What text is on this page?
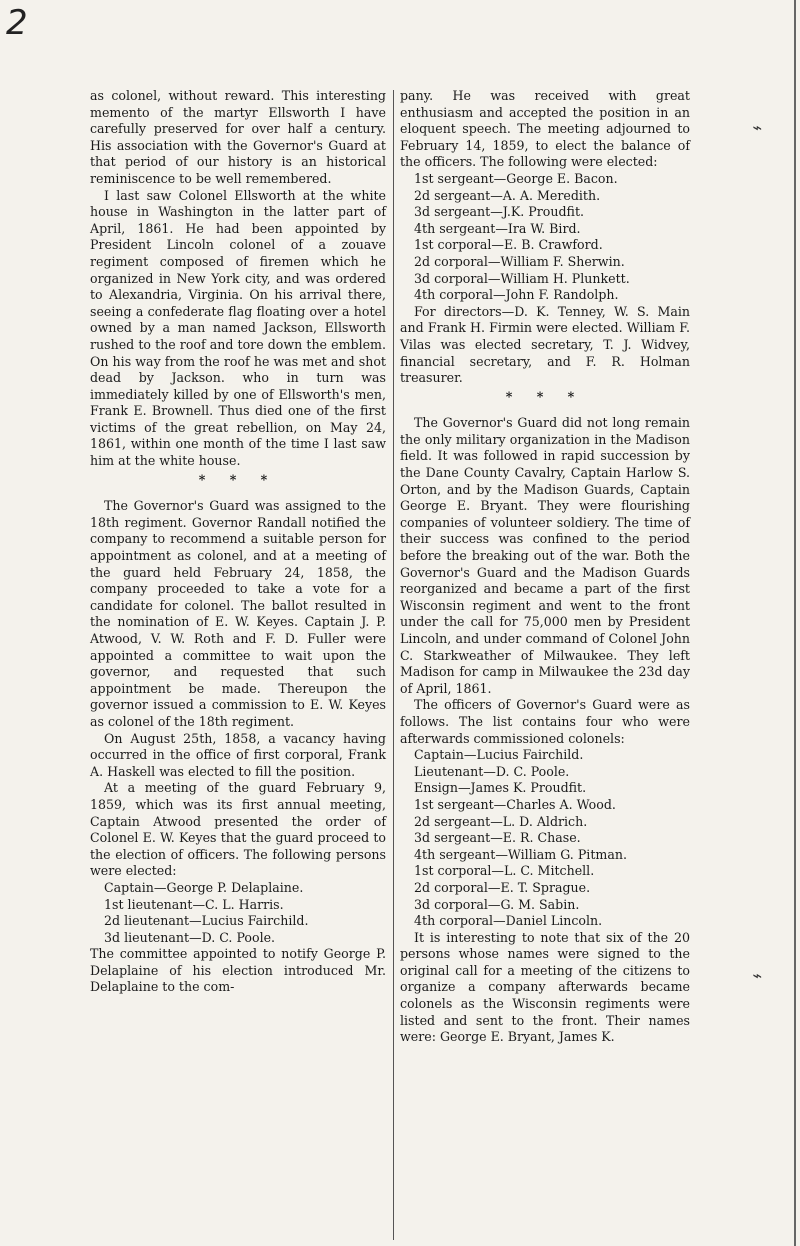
2
⌁
⌁

as colonel, without reward. This interesting memento of the martyr Ellsworth I have carefully preserved for over half a century. His association with the Governor's Guard at that period of our history is an historical reminiscence to be well remembered.

I last saw Colonel Ellsworth at the white house in Washington in the latter part of April, 1861. He had been appointed by President Lincoln colonel of a zouave regiment composed of firemen which he organized in New York city, and was ordered to Alexandria, Virginia. On his arrival there, seeing a confederate flag floating over a hotel owned by a man named Jackson, Ellsworth rushed to the roof and tore down the emblem. On his way from the roof he was met and shot dead by Jackson. who in turn was immediately killed by one of Ellsworth's men, Frank E. Brownell. Thus died one of the first victims of the great rebellion, on May 24, 1861, within one month of the time I last saw him at the white house.

* * *

The Governor's Guard was assigned to the 18th regiment. Governor Randall notified the company to recommend a suitable person for appointment as colonel, and at a meeting of the guard held February 24, 1858, the company proceeded to take a vote for a candidate for colonel. The ballot resulted in the nomination of E. W. Keyes. Captain J. P. Atwood, V. W. Roth and F. D. Fuller were appointed a committee to wait upon the governor, and requested that such appointment be made. Thereupon the governor issued a commission to E. W. Keyes as colonel of the 18th regiment.

On August 25th, 1858, a vacancy having occurred in the office of first corporal, Frank A. Haskell was elected to fill the position.

At a meeting of the guard February 9, 1859, which was its first annual meeting, Captain Atwood presented the order of Colonel E. W. Keyes that the guard proceed to the election of officers. The following persons were elected:

Captain—George P. Delaplaine.
1st lieutenant—C. L. Harris.
2d lieutenant—Lucius Fairchild.
3d lieutenant—D. C. Poole.

The committee appointed to notify George P. Delaplaine of his election introduced Mr. Delaplaine to the com-

pany. He was received with great enthusiasm and accepted the position in an eloquent speech. The meeting adjourned to February 14, 1859, to elect the balance of the officers. The following were elected:

1st sergeant—George E. Bacon.
2d sergeant—A. A. Meredith.
3d sergeant—J.K. Proudfit.
4th sergeant—Ira W. Bird.
1st corporal—E. B. Crawford.
2d corporal—William F. Sherwin.
3d corporal—William H. Plunkett.
4th corporal—John F. Randolph.

For directors—D. K. Tenney, W. S. Main and Frank H. Firmin were elected. William F. Vilas was elected secretary, T. J. Widvey, financial secretary, and F. R. Holman treasurer.

* * *

The Governor's Guard did not long remain the only military organization in the Madison field. It was followed in rapid succession by the Dane County Cavalry, Captain Harlow S. Orton, and by the Madison Guards, Captain George E. Bryant. They were flourishing companies of volunteer soldiery. The time of their success was confined to the period before the breaking out of the war. Both the Governor's Guard and the Madison Guards reorganized and became a part of the first Wisconsin regiment and went to the front under the call for 75,000 men by President Lincoln, and under command of Colonel John C. Starkweather of Milwaukee. They left Madison for camp in Milwaukee the 23d day of April, 1861.

The officers of Governor's Guard were as follows. The list contains four who were afterwards commissioned colonels:

Captain—Lucius Fairchild.
Lieutenant—D. C. Poole.
Ensign—James K. Proudfit.
1st sergeant—Charles A. Wood.
2d sergeant—L. D. Aldrich.
3d sergeant—E. R. Chase.
4th sergeant—William G. Pitman.
1st corporal—L. C. Mitchell.
2d corporal—E. T. Sprague.
3d corporal—G. M. Sabin.
4th corporal—Daniel Lincoln.

It is interesting to note that six of the 20 persons whose names were signed to the original call for a meeting of the citizens to organize a company afterwards became colonels as the Wisconsin regiments were listed and sent to the front. Their names were: George E. Bryant, James K.
